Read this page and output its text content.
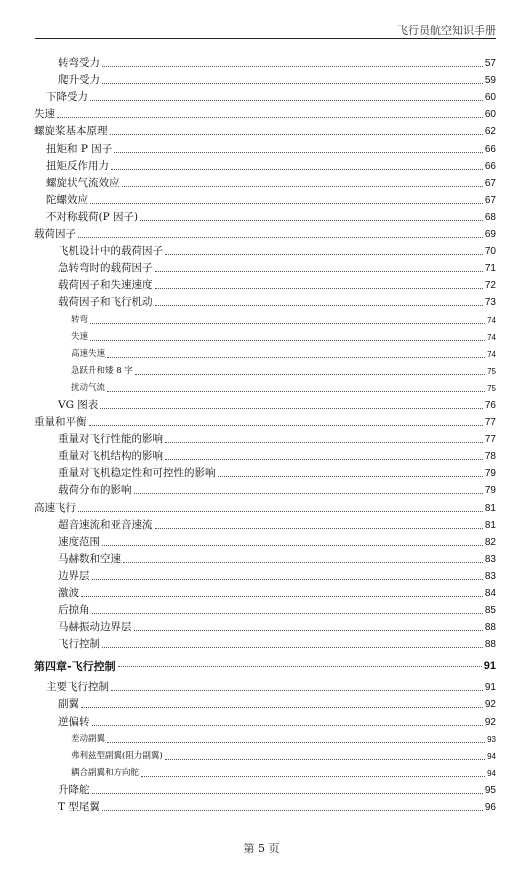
飞行员航空知识手册
转弯受力	57
爬升受力	59
下降受力	60
失速	60
螺旋桨基本原理	62
扭矩和 P 因子	66
扭矩反作用力	66
螺旋状气流效应	67
陀螺效应	67
不对称载荷(P 因子)	68
载荷因子	69
飞机设计中的载荷因子	70
急转弯时的载荷因子	71
载荷因子和失速速度	72
载荷因子和飞行机动	73
转弯	74
失速	74
高速失速	74
急跃升和矮 8 字	75
扰动气流	75
VG 图表	76
重量和平衡	77
重量对飞行性能的影响	77
重量对飞机结构的影响	78
重量对飞机稳定性和可控性的影响	79
载荷分布的影响	79
高速飞行	81
超音速流和亚音速流	81
速度范围	82
马赫数和空速	83
边界层	83
激波	84
后掠角	85
马赫振动边界层	88
飞行控制	88
第四章-飞行控制	91
主要飞行控制	91
副翼	92
逆偏转	92
差动副翼	93
弗利兹型副翼(阻力副翼)	94
耦合副翼和方向舵	94
升降舵	95
T 型尾翼	96
第 5 页
